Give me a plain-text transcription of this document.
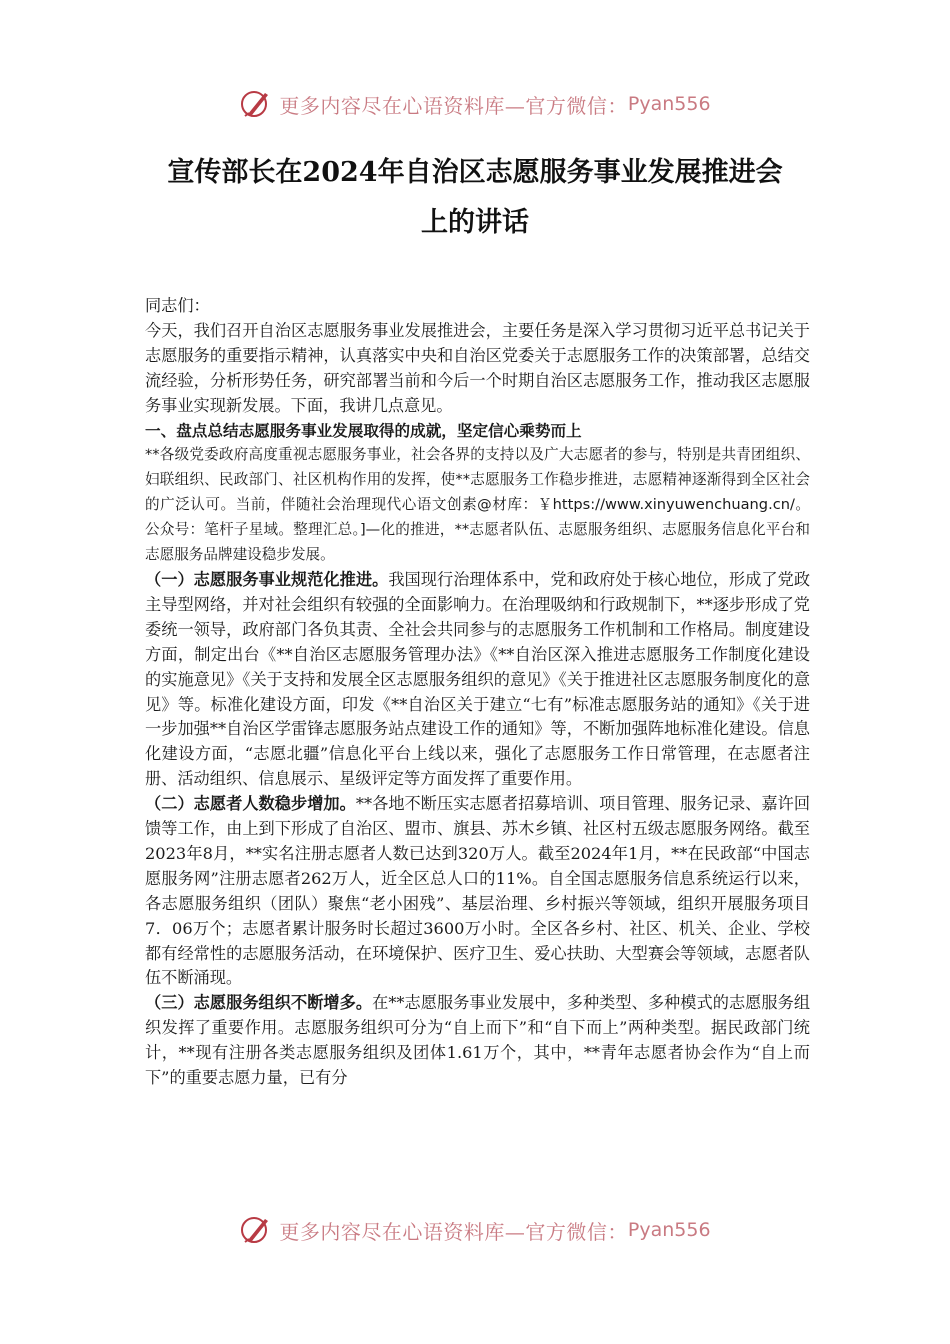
更多内容尽在心语资料库—官方微信： Pyan556
宣传部长在2024年自治区志愿服务事业发展推进会
上的讲话

同志们：

今天，我们召开自治区志愿服务事业发展推进会，主要任务是深入学习贯彻习近平总书记关于志愿服务的重要指示精神，认真落实中央和自治区党委关于志愿服务工作的决策部署，总结交流经验，分析形势任务，研究部署当前和今后一个时期自治区志愿服务工作，推动我区志愿服务事业实现新发展。下面，我讲几点意见。

一、盘点总结志愿服务事业发展取得的成就，坚定信心乘势而上

**各级党委政府高度重视志愿服务事业，社会各界的支持以及广大志愿者的参与，特别是共青团组织、妇联组织、民政部门、社区机构作用的发挥，使**志愿服务工作稳步推进，志愿精神逐渐得到全区社会的广泛认可。当前，伴随社会治理现代心语文创素@材库：￥https://www.xinyuwenchuang.cn/。公众号：笔杆子星域。整理汇总。]—化的推进，**志愿者队伍、志愿服务组织、志愿服务信息化平台和志愿服务品牌建设稳步发展。

（一）志愿服务事业规范化推进。我国现行治理体系中，党和政府处于核心地位，形成了党政主导型网络，并对社会组织有较强的全面影响力。在治理吸纳和行政规制下，**逐步形成了党委统一领导，政府部门各负其责、全社会共同参与的志愿服务工作机制和工作格局。制度建设方面，制定出台《**自治区志愿服务管理办法》《**自治区深入推进志愿服务工作制度化建设的实施意见》《关于支持和发展全区志愿服务组织的意见》《关于推进社区志愿服务制度化的意见》等。标准化建设方面，印发《**自治区关于建立“七有”标准志愿服务站的通知》《关于进一步加强**自治区学雷锋志愿服务站点建设工作的通知》等，不断加强阵地标准化建设。信息化建设方面，“志愿北疆”信息化平台上线以来，强化了志愿服务工作日常管理，在志愿者注册、活动组织、信息展示、星级评定等方面发挥了重要作用。

（二）志愿者人数稳步增加。**各地不断压实志愿者招募培训、项目管理、服务记录、嘉许回馈等工作，由上到下形成了自治区、盟市、旗县、苏木乡镇、社区村五级志愿服务网络。截至2023年8月，**实名注册志愿者人数已达到320万人。截至2024年1月，**在民政部“中国志愿服务网”注册志愿者262万人，近全区总人口的11%。自全国志愿服务信息系统运行以来，各志愿服务组织（团队）聚焦“老小困残”、基层治理、乡村振兴等领域，组织开展服务项目7．06万个；志愿者累计服务时长超过3600万小时。全区各乡村、社区、机关、企业、学校都有经常性的志愿服务活动，在环境保护、医疗卫生、爱心扶助、大型赛会等领域，志愿者队伍不断涌现。

（三）志愿服务组织不断增多。在**志愿服务事业发展中，多种类型、多种模式的志愿服务组织发挥了重要作用。志愿服务组织可分为“自上而下”和“自下而上”两种类型。据民政部门统计，**现有注册各类志愿服务组织及团体1.61万个，其中，**青年志愿者协会作为“自上而下”的重要志愿力量，已有分

更多内容尽在心语资料库—官方微信： Pyan556
